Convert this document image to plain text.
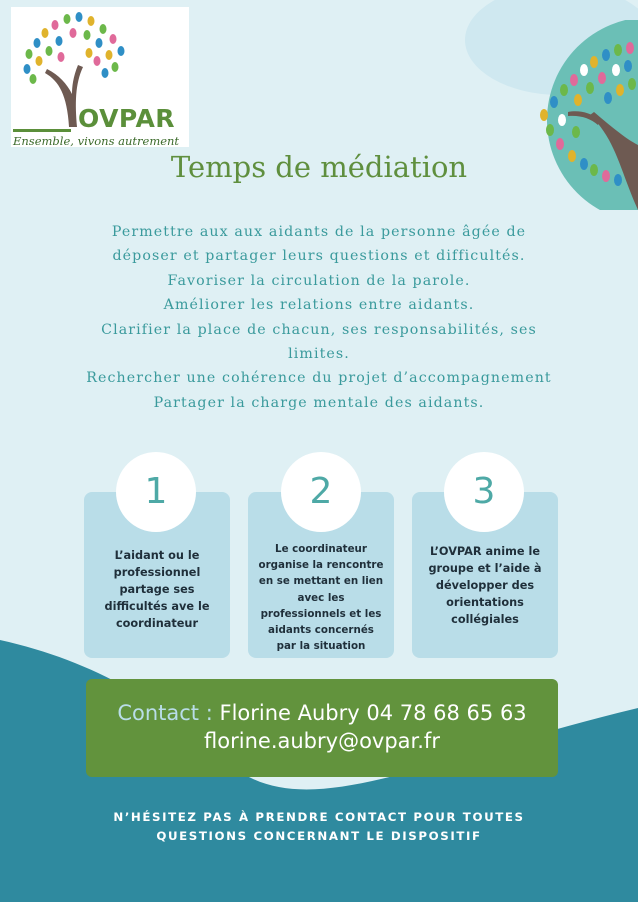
OVPAR
Ensemble, vivons autrement
Temps de médiation
Permettre aux aux aidants de la personne âgée de
déposer et partager leurs questions et difficultés.
Favoriser la circulation de la parole.
Améliorer les relations entre aidants.
Clarifier la place de chacun, ses responsabilités, ses
limites.
Rechercher une cohérence du projet d’accompagnement
Partager la charge mentale des aidants.
L’aidant ou le
professionnel
partage ses
difficultés ave le
coordinateur
1
Le coordinateur
organise la rencontre
en se mettant en lien
avec les
professionnels et les
aidants concernés
par la situation
2
L’OVPAR anime le
groupe et l’aide à
développer des
orientations
collégiales
3
Contact : Florine Aubry 04 78 68 65 63
florine.aubry@ovpar.fr
N’HÉSITEZ PAS À PRENDRE CONTACT POUR TOUTES
QUESTIONS CONCERNANT LE DISPOSITIF
